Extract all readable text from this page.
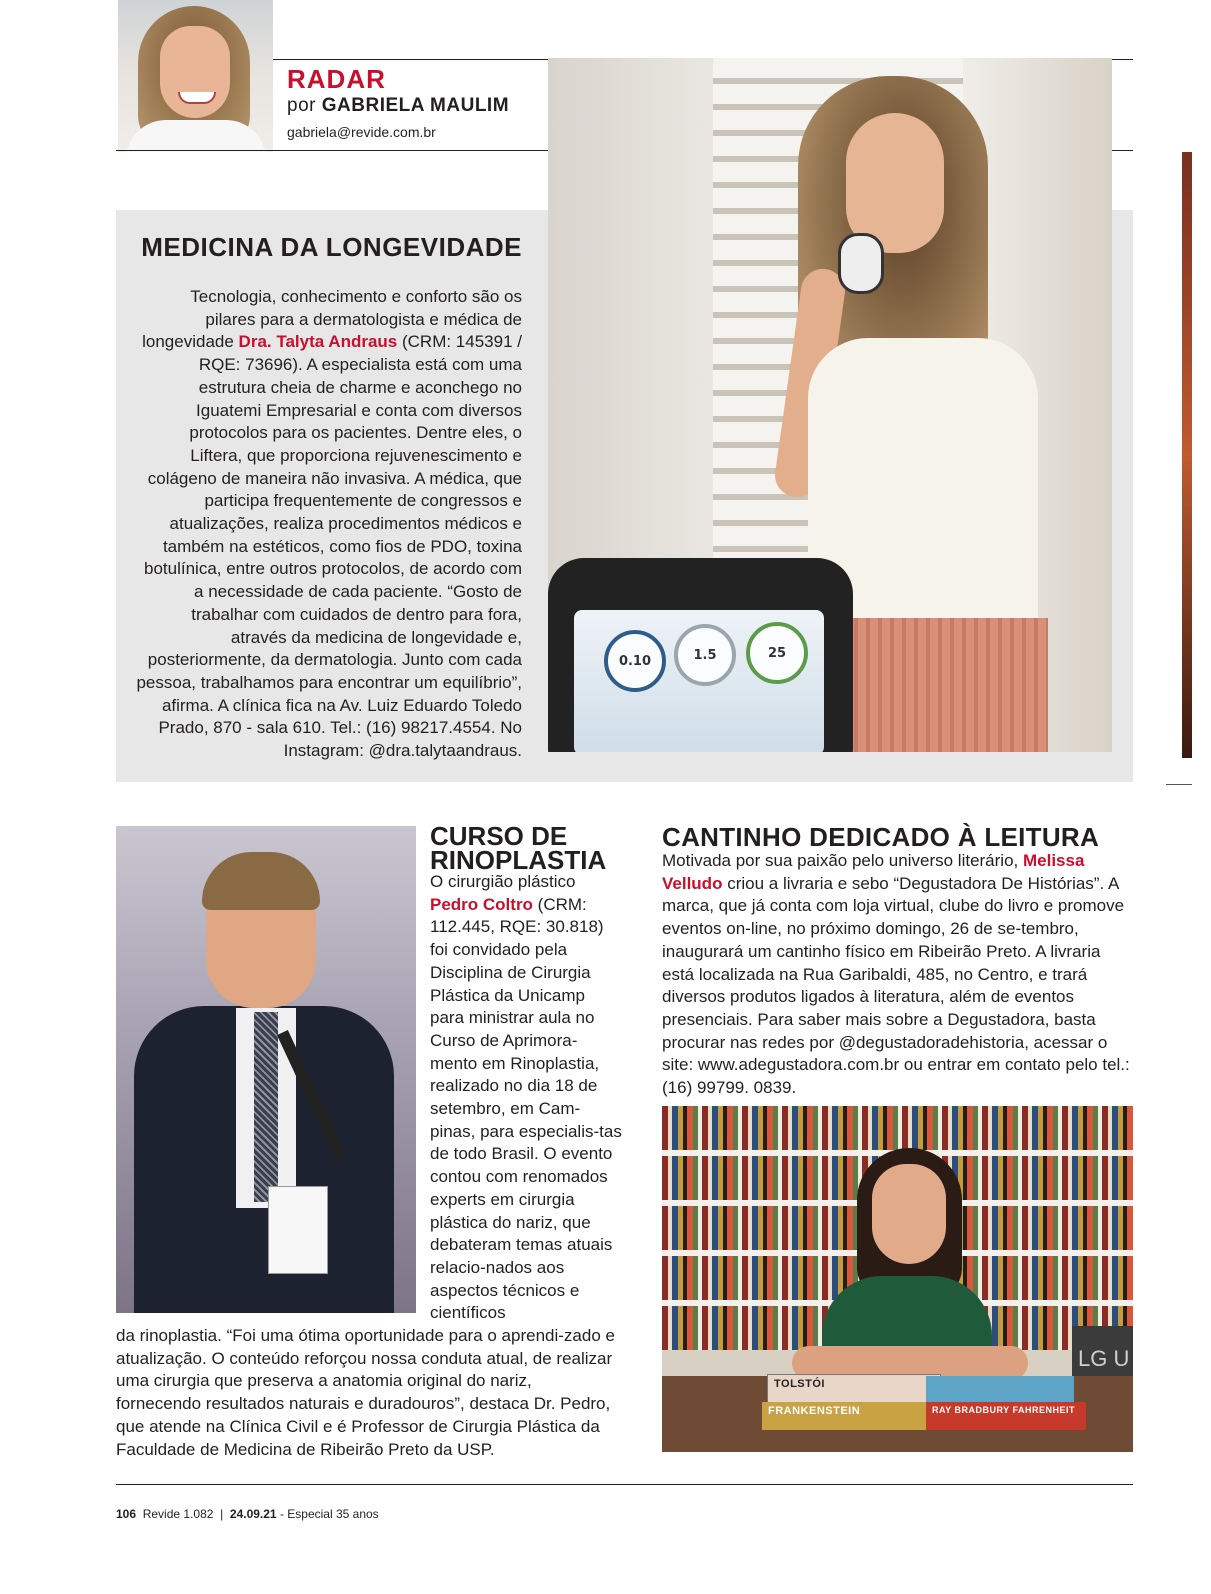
RADAR
por GABRIELA MAULIM
gabriela@revide.com.br
0.10	1.5	25
MEDICINA DA LONGEVIDADE
Tecnologia, conhecimento e conforto são os pilares para a dermatologista e médica de longevidade Dra. Talyta Andraus (CRM: 145391 / RQE: 73696). A especialista está com uma estrutura cheia de charme e aconchego no Iguatemi Empresarial e conta com diversos protocolos para os pacientes. Dentre eles, o Liftera, que proporciona rejuvenescimento e colágeno de maneira não invasiva. A médica, que participa frequentemente de congressos e atualizações, realiza procedimentos médicos e também na estéticos, como fios de PDO, toxina botulínica, entre outros protocolos, de acordo com a necessidade de cada paciente. “Gosto de trabalhar com cuidados de dentro para fora, através da medicina de longevidade e, posteriormente, da dermatologia. Junto com cada pessoa, trabalhamos para encontrar um equilíbrio”, afirma. A clínica fica na Av. Luiz Eduardo Toledo Prado, 870 - sala 610. Tel.: (16) 98217.4554. No Instagram: @dra.talytaandraus.
CURSO DE RINOPLASTIA
O cirurgião plástico Pedro Coltro (CRM: 112.445, RQE: 30.818) foi convidado pela Disciplina de Cirurgia Plástica da Unicamp para ministrar aula no Curso de Aprimora-mento em Rinoplastia, realizado no dia 18 de setembro, em Cam-pinas, para especialis-tas de todo Brasil. O evento contou com renomados experts em cirurgia plástica do nariz, que debateram temas atuais relacio-nados aos aspectos técnicos e científicos
da rinoplastia. “Foi uma ótima oportunidade para o aprendi-zado e atualização. O conteúdo reforçou nossa conduta atual, de realizar uma cirurgia que preserva a anatomia original do nariz, fornecendo resultados naturais e duradouros”, destaca Dr. Pedro, que atende na Clínica Civil e é Professor de Cirurgia Plástica da Faculdade de Medicina de Ribeirão Preto da USP.
CANTINHO DEDICADO À LEITURA
Motivada por sua paixão pelo universo literário, Melissa Velludo criou a livraria e sebo “Degustadora De Histórias”. A marca, que já conta com loja virtual, clube do livro e promove eventos on-line, no próximo domingo, 26 de se-tembro, inaugurará um cantinho físico em Ribeirão Preto. A livraria está localizada na Rua Garibaldi, 485, no Centro, e trará diversos produtos ligados à literatura, além de eventos presenciais. Para saber mais sobre a Degustadora, basta procurar nas redes por @degustadoradehistoria, acessar o site: www.adegustadora.com.br ou entrar em contato pelo tel.: (16) 99799. 0839.
LG U
TOLSTÓI
FRANKENSTEIN	RAY BRADBURY FAHRENHEIT
106 Revide 1.082 | 24.09.21 - Especial 35 anos
